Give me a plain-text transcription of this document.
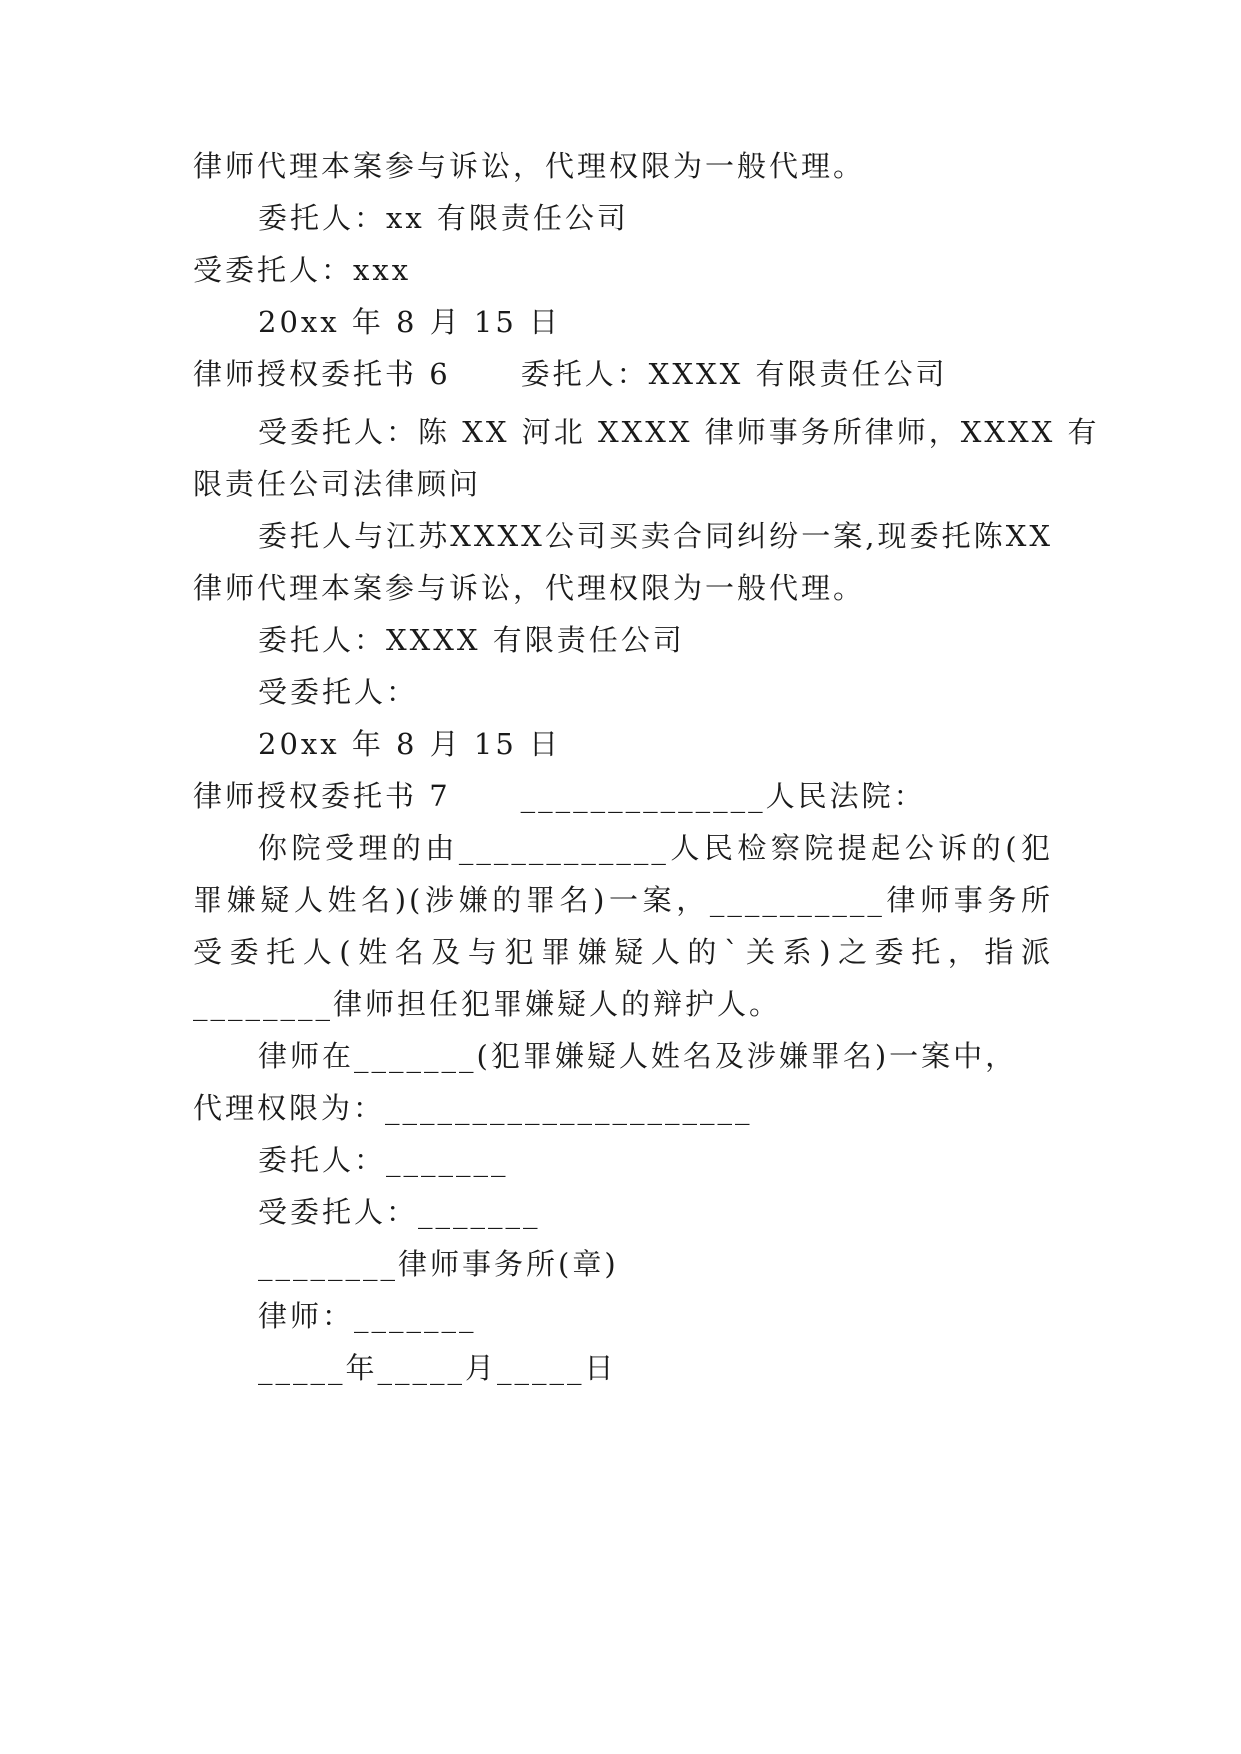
律师代理本案参与诉讼，代理权限为一般代理。
委托人：xx 有限责任公司
受委托人：xxx
20xx 年 8 月 15 日
律师授权委托书 6 委托人：XXXX 有限责任公司
受委托人：陈 XX 河北 XXXX 律师事务所律师，XXXX 有
限责任公司法律顾问
委托人与江苏XXXX公司买卖合同纠纷一案,现委托陈XX
律师代理本案参与诉讼，代理权限为一般代理。
委托人：XXXX 有限责任公司
受委托人：
20xx 年 8 月 15 日
律师授权委托书 7 ______________人民法院：
你院受理的由____________人民检察院提起公诉的(犯
罪嫌疑人姓名)(涉嫌的罪名)一案，__________律师事务所
受委托人(姓名及与犯罪嫌疑人的`关系)之委托，指派
________律师担任犯罪嫌疑人的辩护人。
律师在_______(犯罪嫌疑人姓名及涉嫌罪名)一案中，
代理权限为：_____________________
委托人：_______
受委托人：_______
________律师事务所(章)
律师：_______
_____年_____月_____日
